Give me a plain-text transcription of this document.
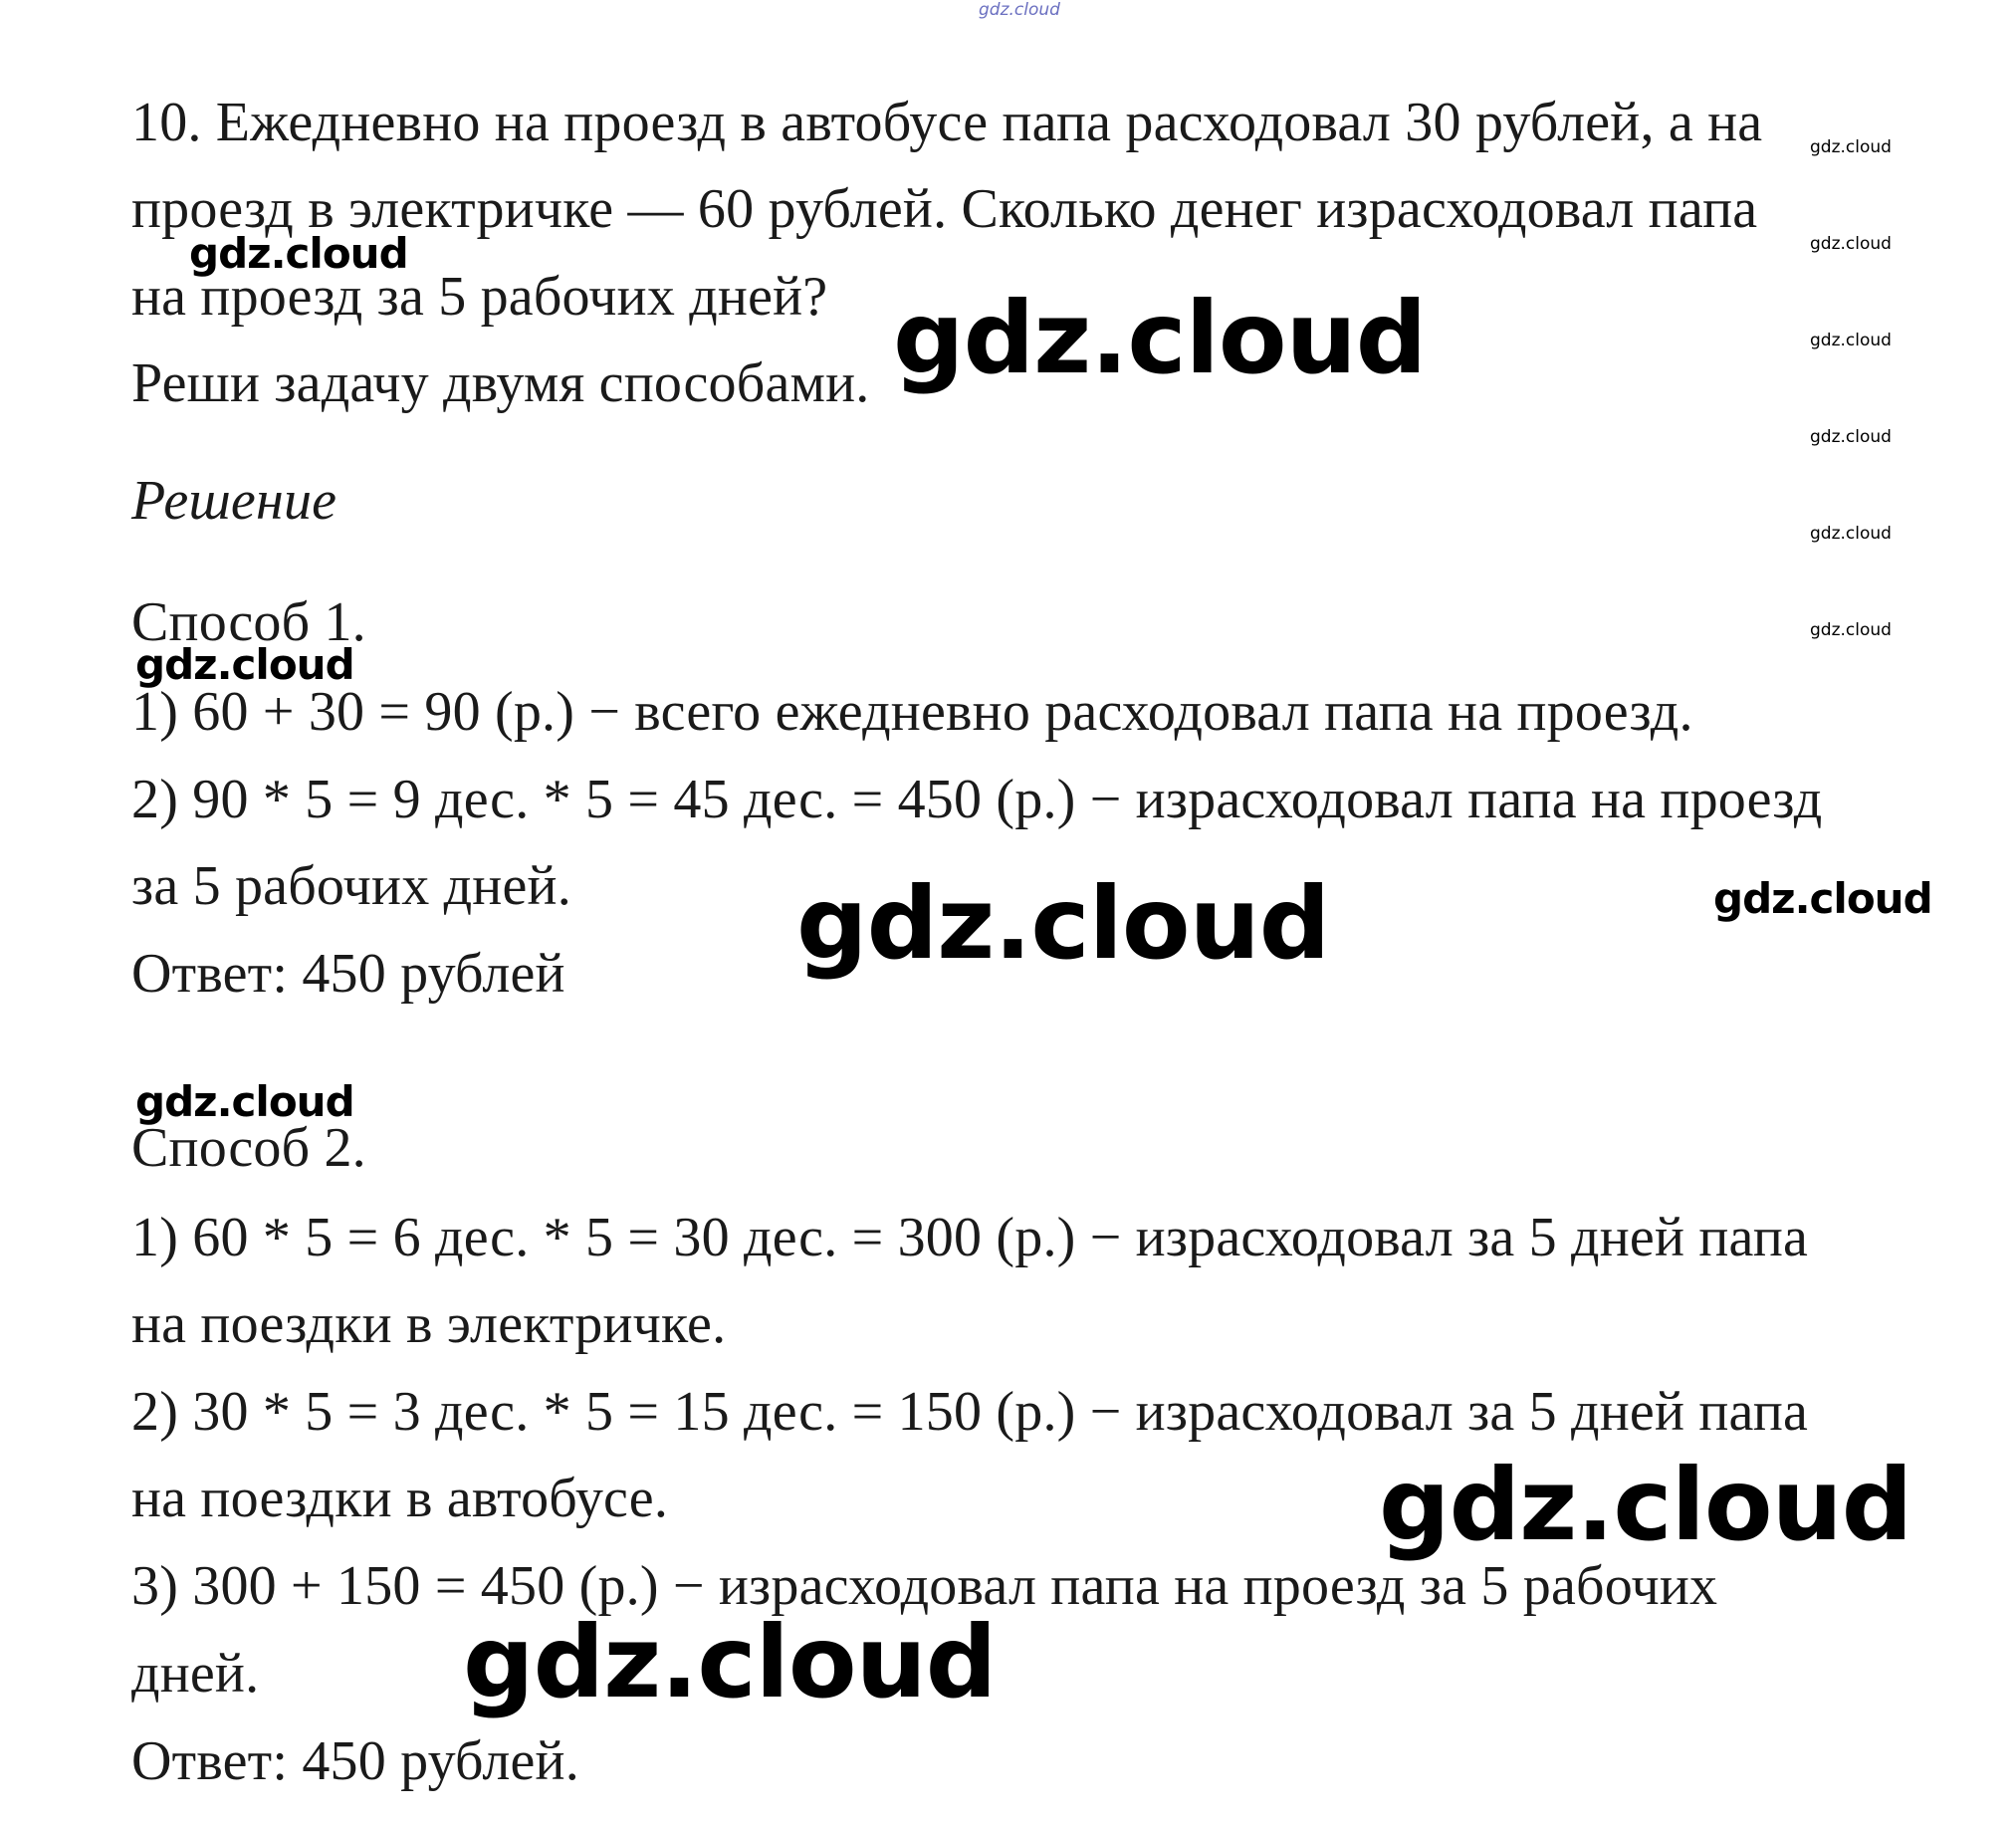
10. Ежедневно на проезд в автобусе папа расходовал 30 рублей, а на
проезд в электричке — 60 рублей. Сколько денег израсходовал папа
на проезд за 5 рабочих дней?
Реши задачу двумя способами.
Решение
Способ 1.
1) 60 + 30 = 90 (р.) − всего ежедневно расходовал папа на проезд.
2) 90 * 5 = 9 дес. * 5 = 45 дес. = 450 (р.) − израсходовал папа на проезд
за 5 рабочих дней.
Ответ: 450 рублей
Способ 2.
1) 60 * 5 = 6 дес. * 5 = 30 дес. = 300 (р.) − израсходовал за 5 дней папа
на поездки в электричке.
2) 30 * 5 = 3 дес. * 5 = 15 дес. = 150 (р.) − израсходовал за 5 дней папа
на поездки в автобусе.
3) 300 + 150 = 450 (р.) − израсходовал папа на проезд за 5 рабочих
дней.
Ответ: 450 рублей.
gdz.cloud
gdz.cloud
gdz.cloud
gdz.cloud
gdz.cloud
gdz.cloud
gdz.cloud
gdz.cloud
gdz.cloud
gdz.cloud
gdz.cloud
gdz.cloud
gdz.cloud
gdz.cloud
gdz.cloud
